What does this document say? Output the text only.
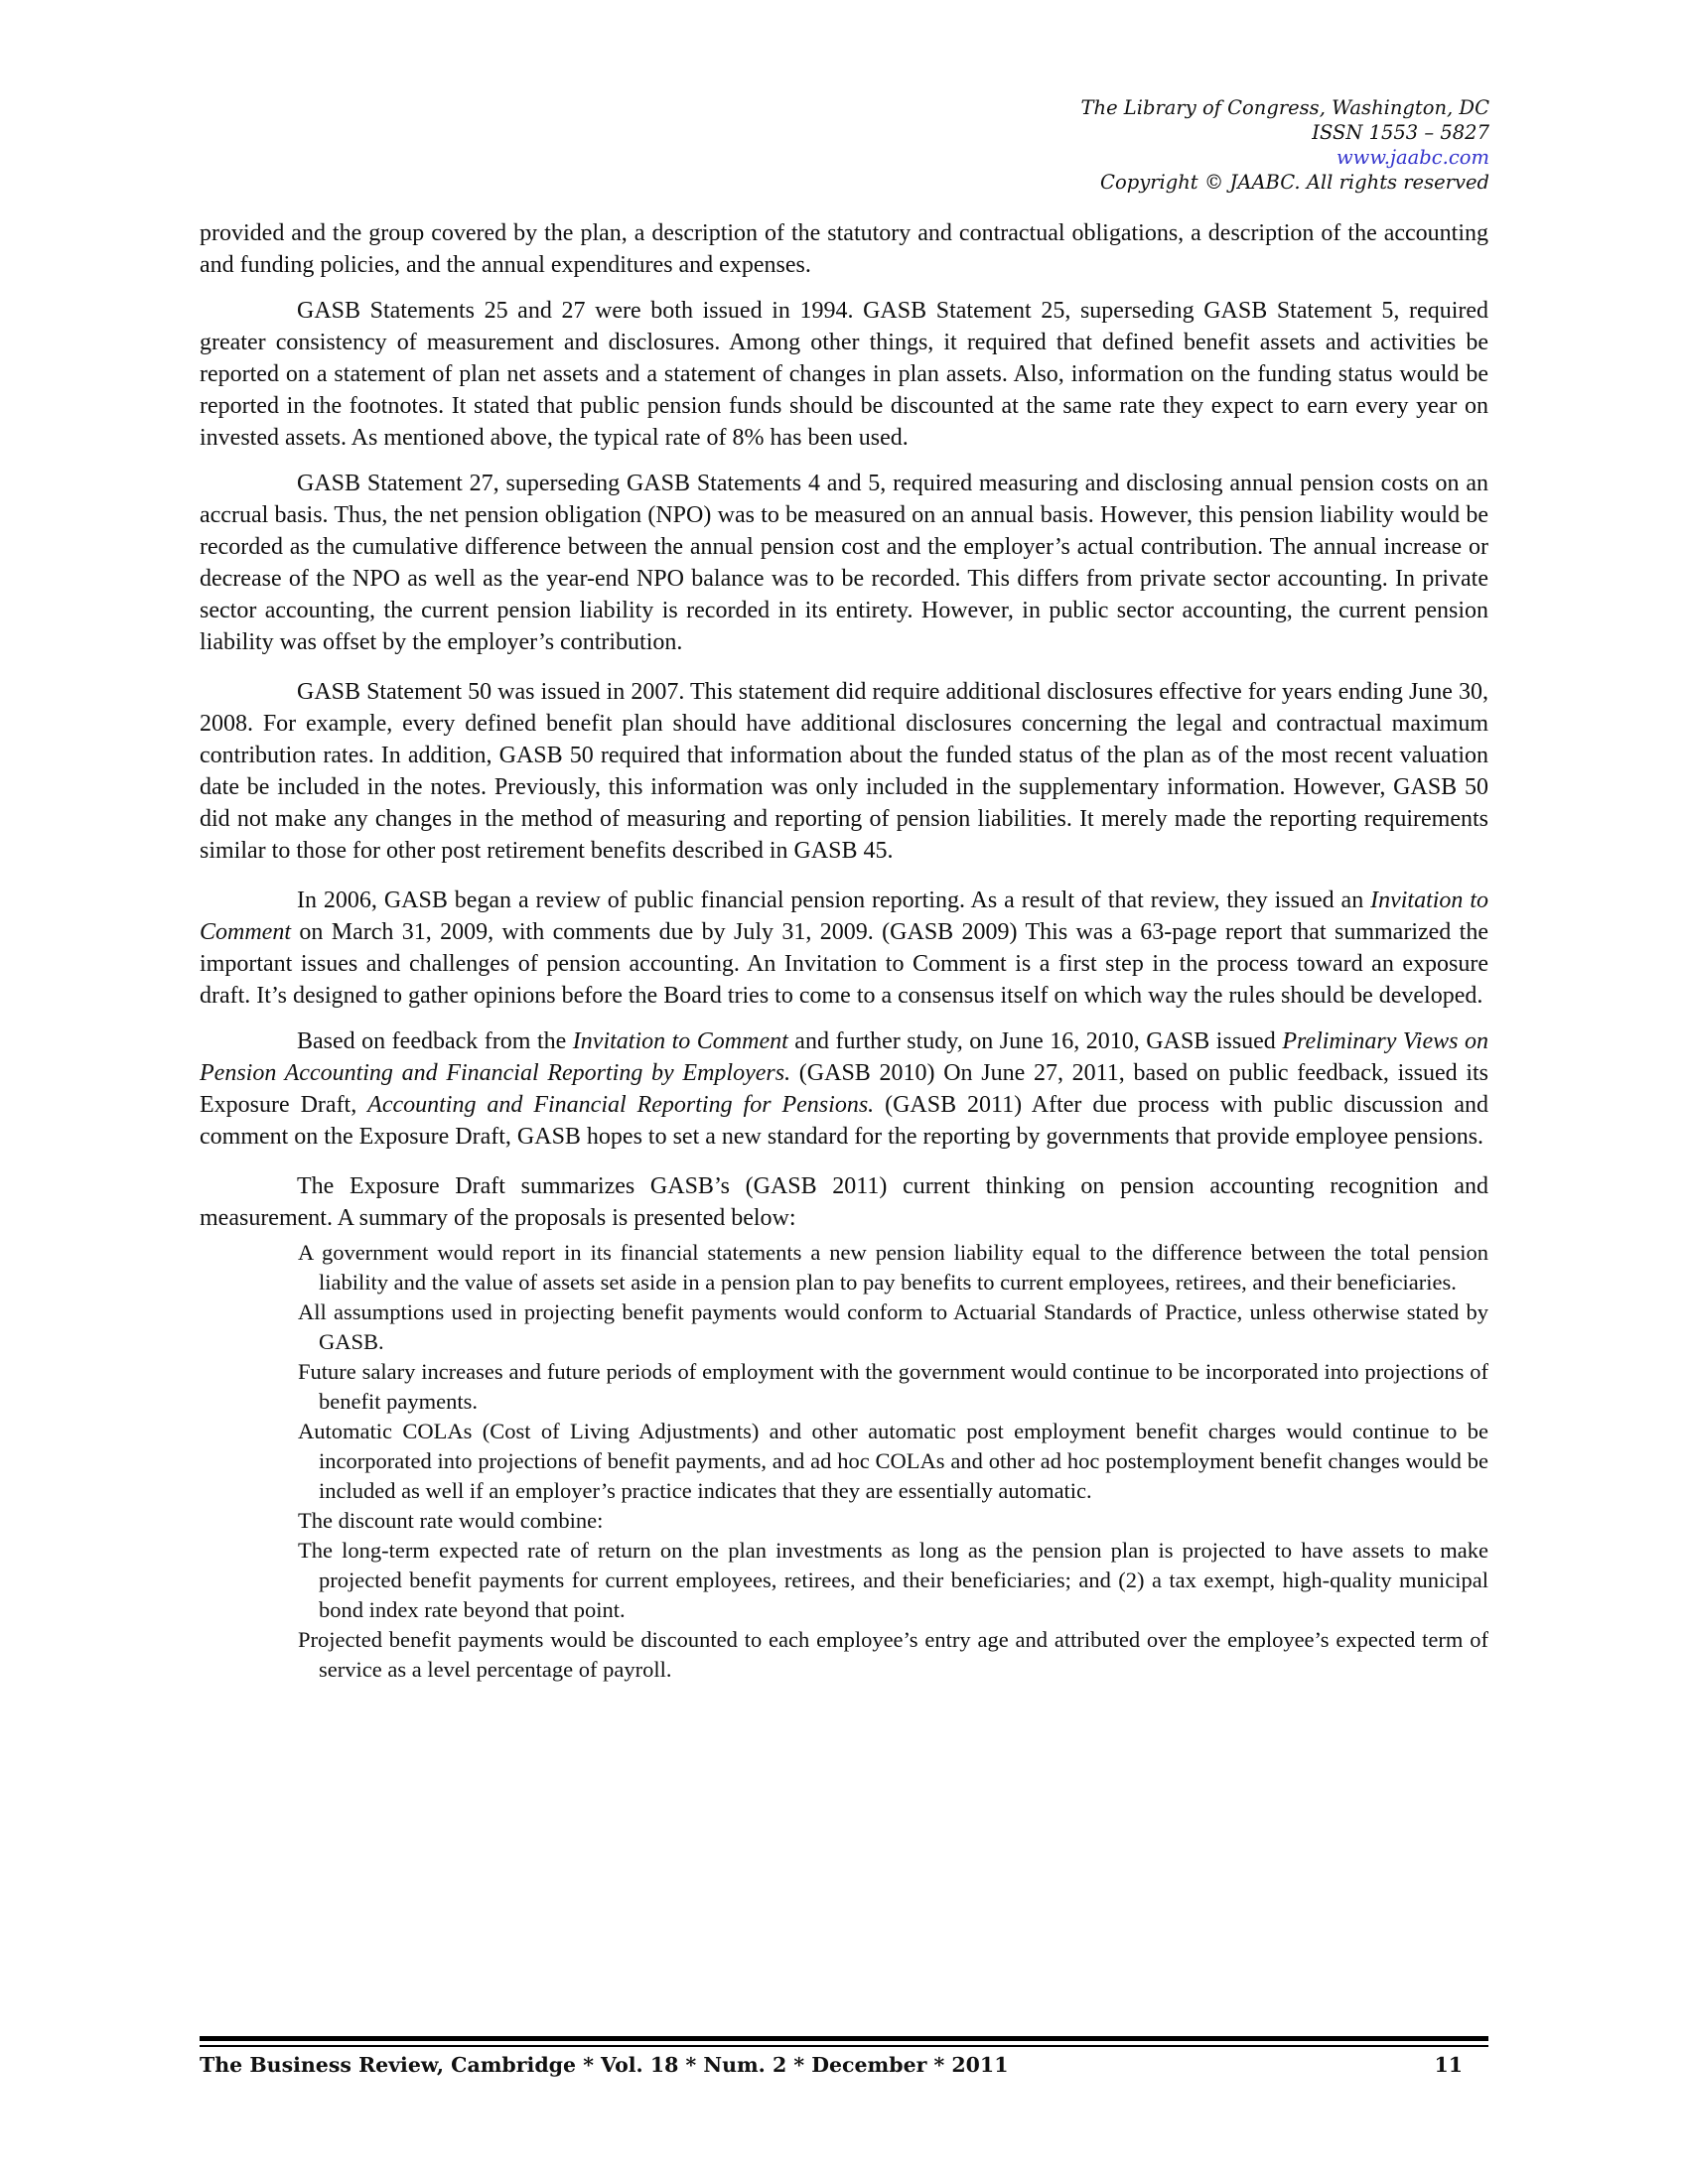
The Library of Congress, Washington, DC
ISSN 1553 – 5827
www.jaabc.com
Copyright © JAABC. All rights reserved

provided and the group covered by the plan, a description of the statutory and contractual obligations, a description of the accounting and funding policies, and the annual expenditures and expenses.

GASB Statements 25 and 27 were both issued in 1994. GASB Statement 25, superseding GASB Statement 5, required greater consistency of measurement and disclosures. Among other things, it required that defined benefit assets and activities be reported on a statement of plan net assets and a statement of changes in plan assets. Also, information on the funding status would be reported in the footnotes. It stated that public pension funds should be discounted at the same rate they expect to earn every year on invested assets. As mentioned above, the typical rate of 8% has been used.

GASB Statement 27, superseding GASB Statements 4 and 5, required measuring and disclosing annual pension costs on an accrual basis. Thus, the net pension obligation (NPO) was to be measured on an annual basis. However, this pension liability would be recorded as the cumulative difference between the annual pension cost and the employer’s actual contribution. The annual increase or decrease of the NPO as well as the year-end NPO balance was to be recorded. This differs from private sector accounting. In private sector accounting, the current pension liability is recorded in its entirety. However, in public sector accounting, the current pension liability was offset by the employer’s contribution.

GASB Statement 50 was issued in 2007. This statement did require additional disclosures effective for years ending June 30, 2008. For example, every defined benefit plan should have additional disclosures concerning the legal and contractual maximum contribution rates. In addition, GASB 50 required that information about the funded status of the plan as of the most recent valuation date be included in the notes. Previously, this information was only included in the supplementary information. However, GASB 50 did not make any changes in the method of measuring and reporting of pension liabilities. It merely made the reporting requirements similar to those for other post retirement benefits described in GASB 45.

In 2006, GASB began a review of public financial pension reporting. As a result of that review, they issued an Invitation to Comment on March 31, 2009, with comments due by July 31, 2009. (GASB 2009) This was a 63-page report that summarized the important issues and challenges of pension accounting. An Invitation to Comment is a first step in the process toward an exposure draft. It’s designed to gather opinions before the Board tries to come to a consensus itself on which way the rules should be developed.

Based on feedback from the Invitation to Comment and further study, on June 16, 2010, GASB issued Preliminary Views on Pension Accounting and Financial Reporting by Employers. (GASB 2010) On June 27, 2011, based on public feedback, issued its Exposure Draft, Accounting and Financial Reporting for Pensions. (GASB 2011) After due process with public discussion and comment on the Exposure Draft, GASB hopes to set a new standard for the reporting by governments that provide employee pensions.

The Exposure Draft summarizes GASB’s (GASB 2011) current thinking on pension accounting recognition and measurement. A summary of the proposals is presented below:

A government would report in its financial statements a new pension liability equal to the difference between the total pension liability and the value of assets set aside in a pension plan to pay benefits to current employees, retirees, and their beneficiaries.
All assumptions used in projecting benefit payments would conform to Actuarial Standards of Practice, unless otherwise stated by GASB.
Future salary increases and future periods of employment with the government would continue to be incorporated into projections of benefit payments.
Automatic COLAs (Cost of Living Adjustments) and other automatic post employment benefit charges would continue to be incorporated into projections of benefit payments, and ad hoc COLAs and other ad hoc postemployment benefit changes would be included as well if an employer’s practice indicates that they are essentially automatic.
The discount rate would combine:
The long-term expected rate of return on the plan investments as long as the pension plan is projected to have assets to make projected benefit payments for current employees, retirees, and their beneficiaries; and (2) a tax exempt, high-quality municipal bond index rate beyond that point.
Projected benefit payments would be discounted to each employee’s entry age and attributed over the employee’s expected term of service as a level percentage of payroll.
The Business Review, Cambridge * Vol. 18 * Num. 2 * December * 2011	11
